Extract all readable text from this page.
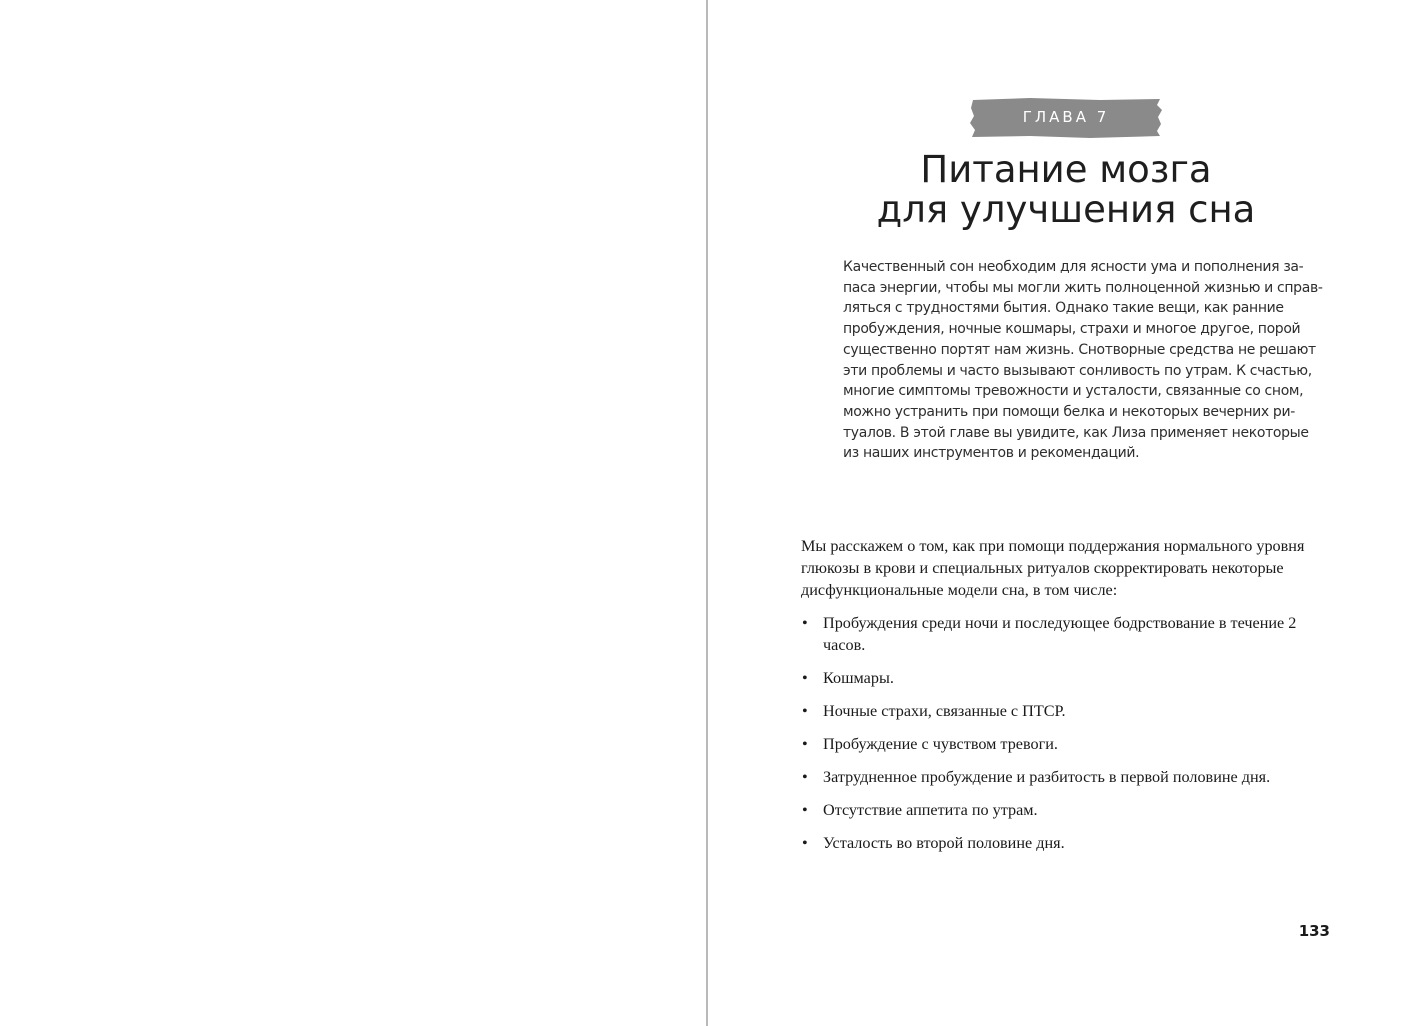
ГЛАВА 7
Питание мозга
для улучшения сна

Качественный сон необходим для ясности ума и пополнения за-
паса энергии, чтобы мы могли жить полноценной жизнью и справ-
ляться с трудностями бытия. Однако такие вещи, как ранние
пробуждения, ночные кошмары, страхи и многое другое, порой
существенно портят нам жизнь. Снотворные средства не решают
эти проблемы и часто вызывают сонливость по утрам. К счастью,
многие симптомы тревожности и усталости, связанные со сном,
можно устранить при помощи белка и некоторых вечерних ри-
туалов. В этой главе вы увидите, как Лиза применяет некоторые
из наших инструментов и рекомендаций.

Мы расскажем о том, как при помощи поддержания нормального уровня
глюкозы в крови и специальных ритуалов скорректировать некоторые
дисфункциональные модели сна, в том числе:

• Пробуждения среди ночи и последующее бодрствование в течение 2 часов.
• Кошмары.
• Ночные страхи, связанные с ПТСР.
• Пробуждение с чувством тревоги.
• Затрудненное пробуждение и разбитость в первой половине дня.
• Отсутствие аппетита по утрам.
• Усталость во второй половине дня.
133
